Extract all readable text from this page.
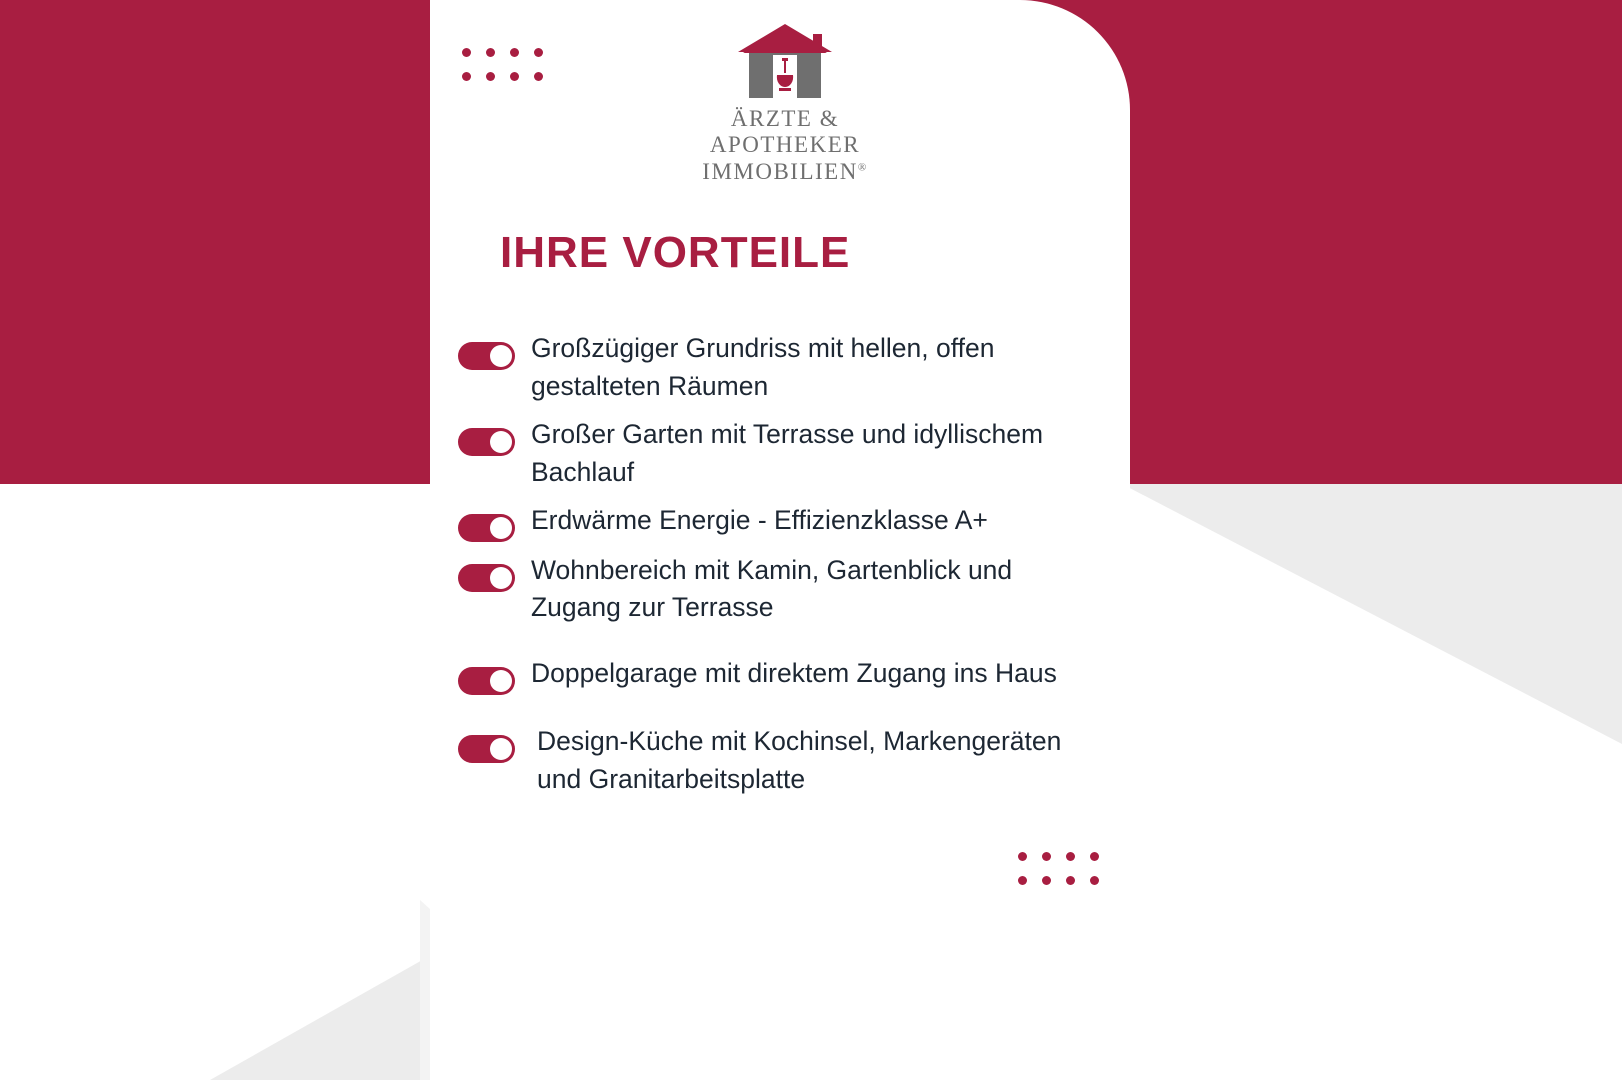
ÄRZTE & APOTHEKER
IMMOBILIEN®
IHRE VORTEILE
Großzügiger Grundriss mit hellen, offen gestalteten Räumen
Großer Garten mit Terrasse und idyllischem Bachlauf
Erdwärme Energie - Effizienzklasse A+
Wohnbereich mit Kamin, Gartenblick und Zugang zur Terrasse
Doppelgarage mit direktem Zugang ins Haus
Design-Küche mit Kochinsel, Markengeräten und Granitarbeitsplatte
